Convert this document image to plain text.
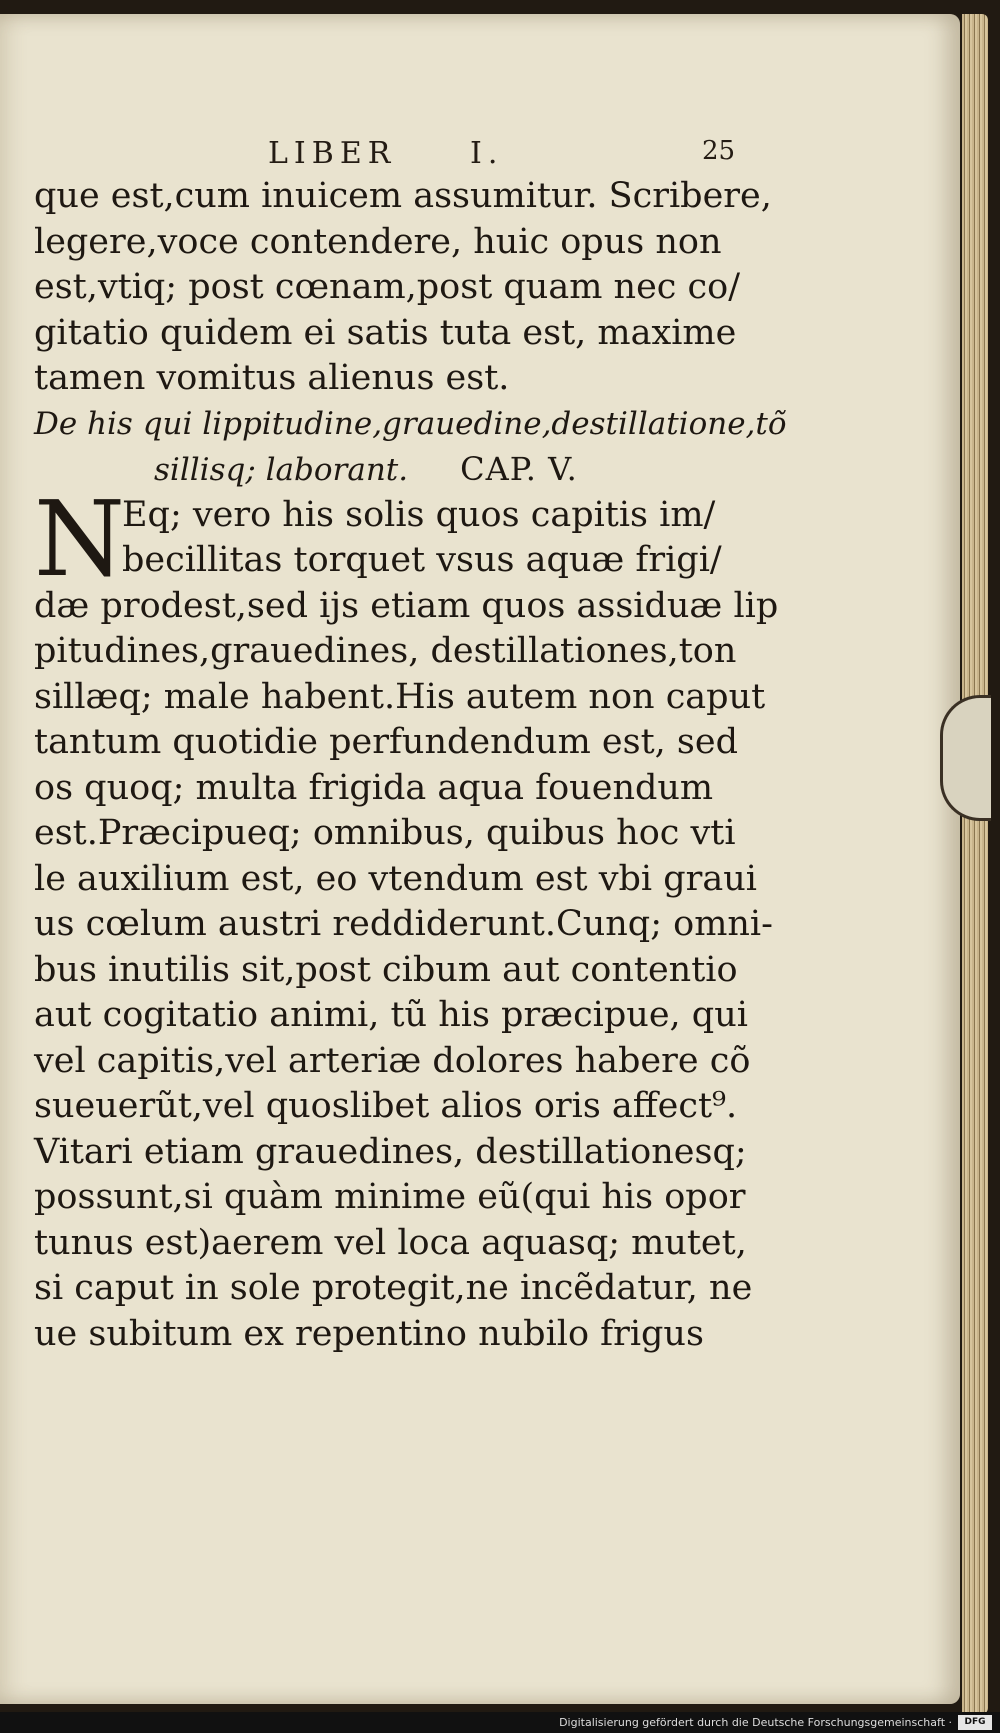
LIBER I.	25
que est,cum inuicem assumitur. Scribere,
legere,voce contendere, huic opus non
est,vtiq; post cœnam,post quam nec co/
gitatio quidem ei satis tuta est, maxime
tamen vomitus alienus est.
De his qui lippitudine,grauedine,destillatione,tõ
sillisq; laborant. CAP. V.
N
Eq; vero his solis quos capitis im/
becillitas torquet vsus aquæ frigi/
dæ prodest,sed ijs etiam quos assiduæ lip
pitudines,grauedines, destillationes,ton
sillæq; male habent.His autem non caput
tantum quotidie perfundendum est, sed
os quoq; multa frigida aqua fouendum
est.Præcipueq; omnibus, quibus hoc vti
le auxilium est, eo vtendum est vbi graui
us cœlum austri reddiderunt.Cunq; omni-
bus inutilis sit,post cibum aut contentio
aut cogitatio animi, tũ his præcipue, qui
vel capitis,vel arteriæ dolores habere cõ
sueuerũt,vel quoslibet alios oris affect⁹.
Vitari etiam grauedines, destillationesq;
possunt,si quàm minime eũ(qui his opor
tunus est)aerem vel loca aquasq; mutet,
si caput in sole protegit,ne incẽdatur, ne
ue subitum ex repentino nubilo frigus
Digitalisierung gefördert durch die Deutsche Forschungsgemeinschaft ·	DFG
